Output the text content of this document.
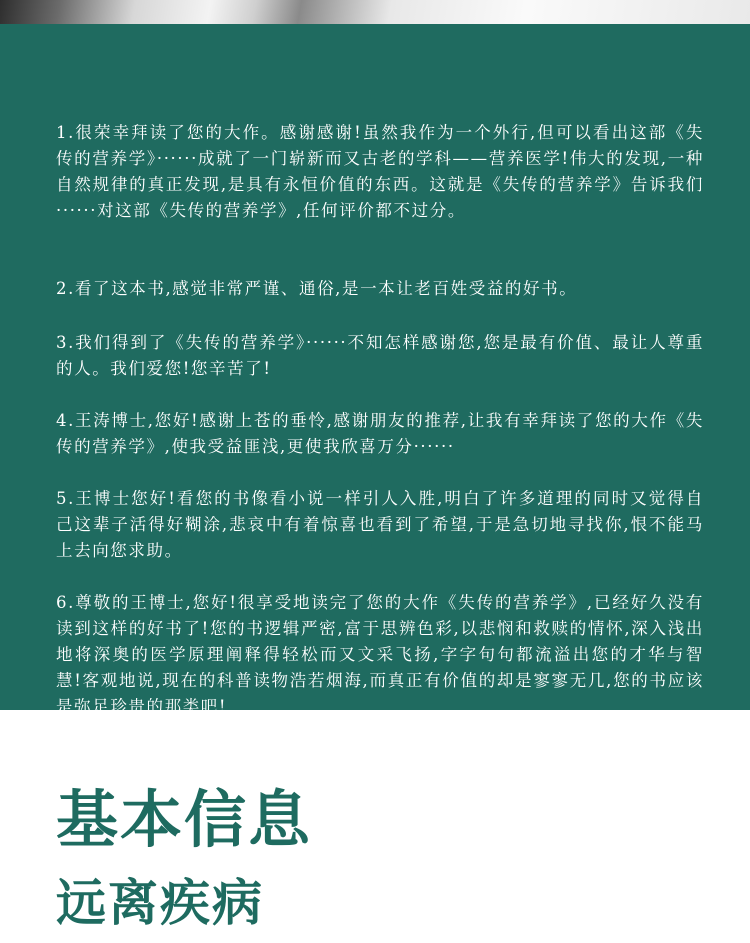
1.很荣幸拜读了您的大作。感谢感谢!虽然我作为一个外行,但可以看出这部《失传的营养学》······成就了一门崭新而又古老的学科——营养医学!伟大的发现,一种自然规律的真正发现,是具有永恒价值的东西。这就是《失传的营养学》告诉我们······对这部《失传的营养学》,任何评价都不过分。

2.看了这本书,感觉非常严谨、通俗,是一本让老百姓受益的好书。

3.我们得到了《失传的营养学》······不知怎样感谢您,您是最有价值、最让人尊重的人。我们爱您!您辛苦了!

4.王涛博士,您好!感谢上苍的垂怜,感谢朋友的推荐,让我有幸拜读了您的大作《失传的营养学》,使我受益匪浅,更使我欣喜万分······

5.王博士您好!看您的书像看小说一样引人入胜,明白了许多道理的同时又觉得自己这辈子活得好糊涂,悲哀中有着惊喜也看到了希望,于是急切地寻找你,恨不能马上去向您求助。

6.尊敬的王博士,您好!很享受地读完了您的大作《失传的营养学》,已经好久没有读到这样的好书了!您的书逻辑严密,富于思辨色彩,以悲悯和救赎的情怀,深入浅出地将深奥的医学原理阐释得轻松而又文采飞扬,字字句句都流溢出您的才华与智慧!客观地说,现在的科普读物浩若烟海,而真正有价值的却是寥寥无几,您的书应该是弥足珍贵的那类吧!

基本信息
远离疾病
